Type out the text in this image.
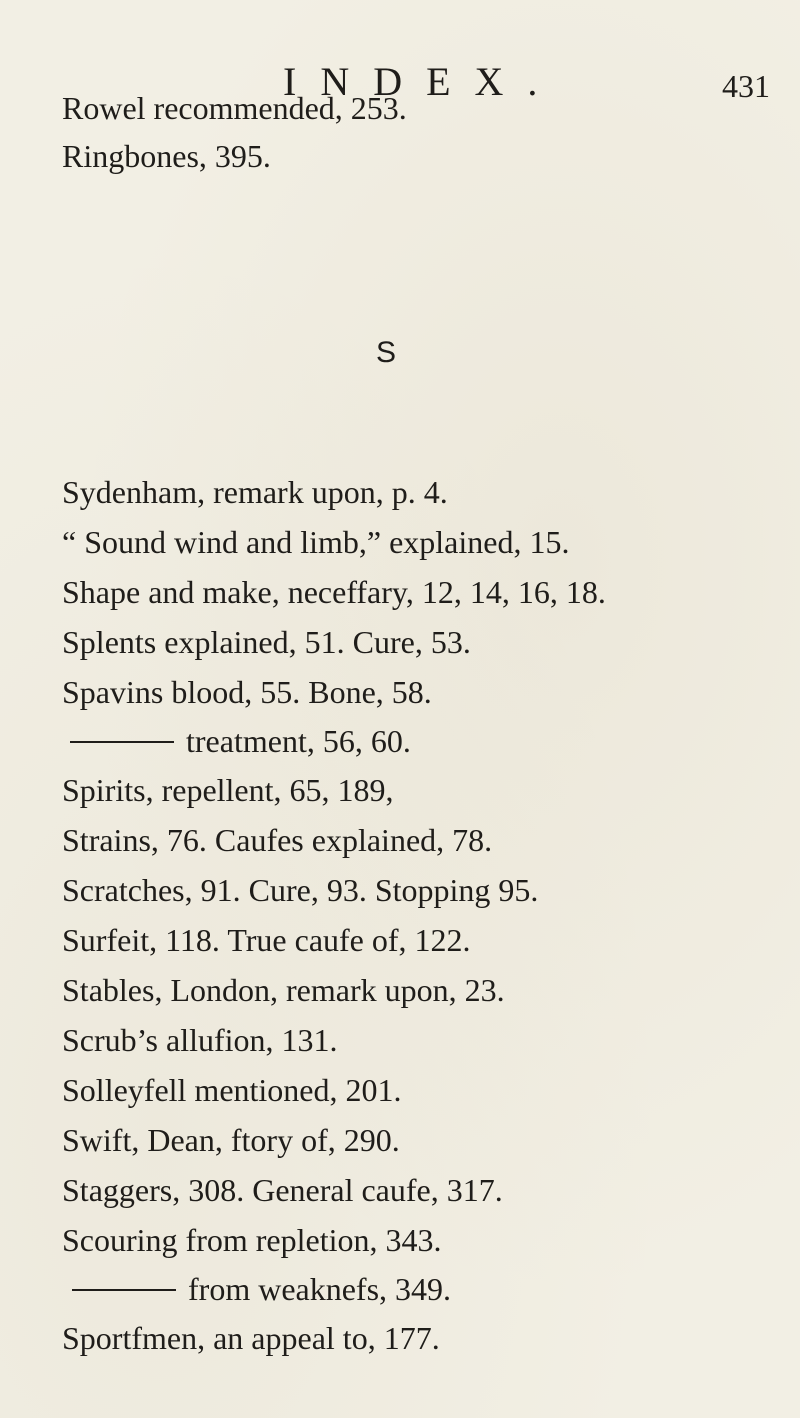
INDEX.	431
Rowel recommended, 253.
Ringbones, 395.
S
Sydenham, remark upon, p. 4.
“ Sound wind and limb,” explained, 15.
Shape and make, neceffary, 12, 14, 16, 18.
Splents explained, 51. Cure, 53.
Spavins blood, 55. Bone, 58.
treatment, 56, 60.
Spirits, repellent, 65, 189,
Strains, 76. Caufes explained, 78.
Scratches, 91. Cure, 93. Stopping 95.
Surfeit, 118. True caufe of, 122.
Stables, London, remark upon, 23.
Scrub’s allufion, 131.
Solleyfell mentioned, 201.
Swift, Dean, ftory of, 290.
Staggers, 308. General caufe, 317.
Scouring from repletion, 343.
from weaknefs, 349.
Sportfmen, an appeal to, 177.
